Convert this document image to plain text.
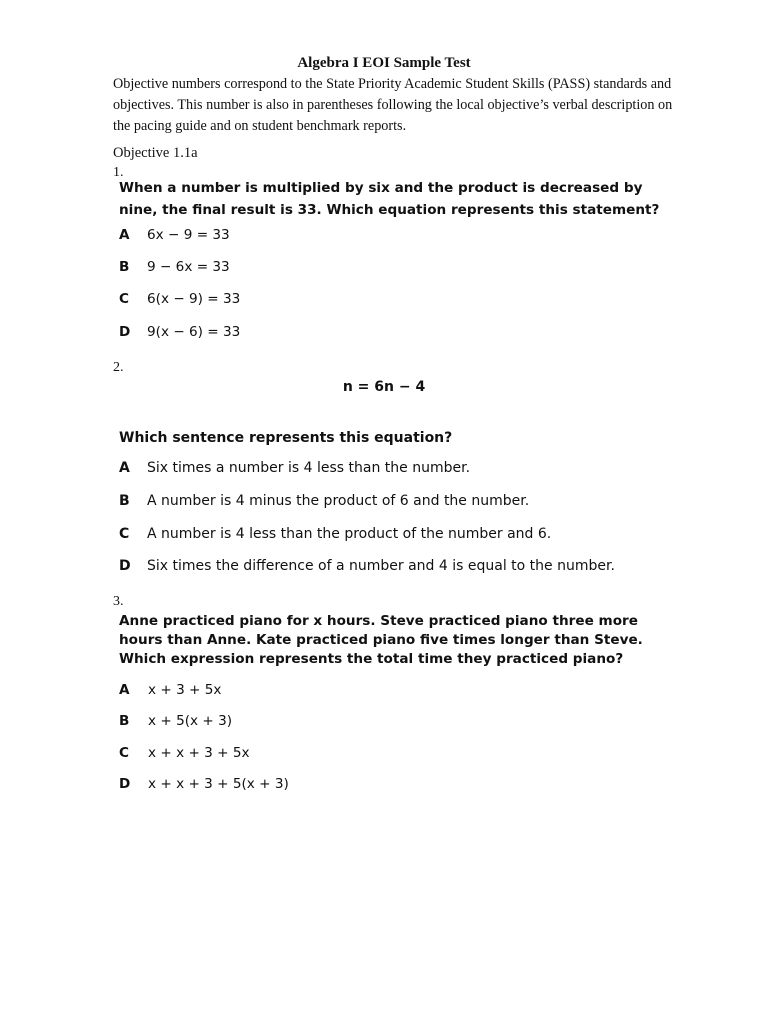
Algebra I EOI Sample Test
Objective numbers correspond to the State Priority Academic Student Skills (PASS) standards and objectives. This number is also in parentheses following the local objective’s verbal description on the pacing guide and on student benchmark reports.
Objective 1.1a
1.
When a number is multiplied by six and the product is decreased by nine, the final result is 33. Which equation represents this statement?
A	6x − 9 = 33
B	9 − 6x = 33
C	6(x − 9) = 33
D	9(x − 6) = 33
2.
n = 6n − 4
Which sentence represents this equation?
A	Six times a number is 4 less than the number.
B	A number is 4 minus the product of 6 and the number.
C	A number is 4 less than the product of the number and 6.
D	Six times the difference of a number and 4 is equal to the number.
3.
Anne practiced piano for x hours. Steve practiced piano three more hours than Anne. Kate practiced piano five times longer than Steve. Which expression represents the total time they practiced piano?
A	x + 3 + 5x
B	x + 5(x + 3)
C	x + x + 3 + 5x
D	x + x + 3 + 5(x + 3)
